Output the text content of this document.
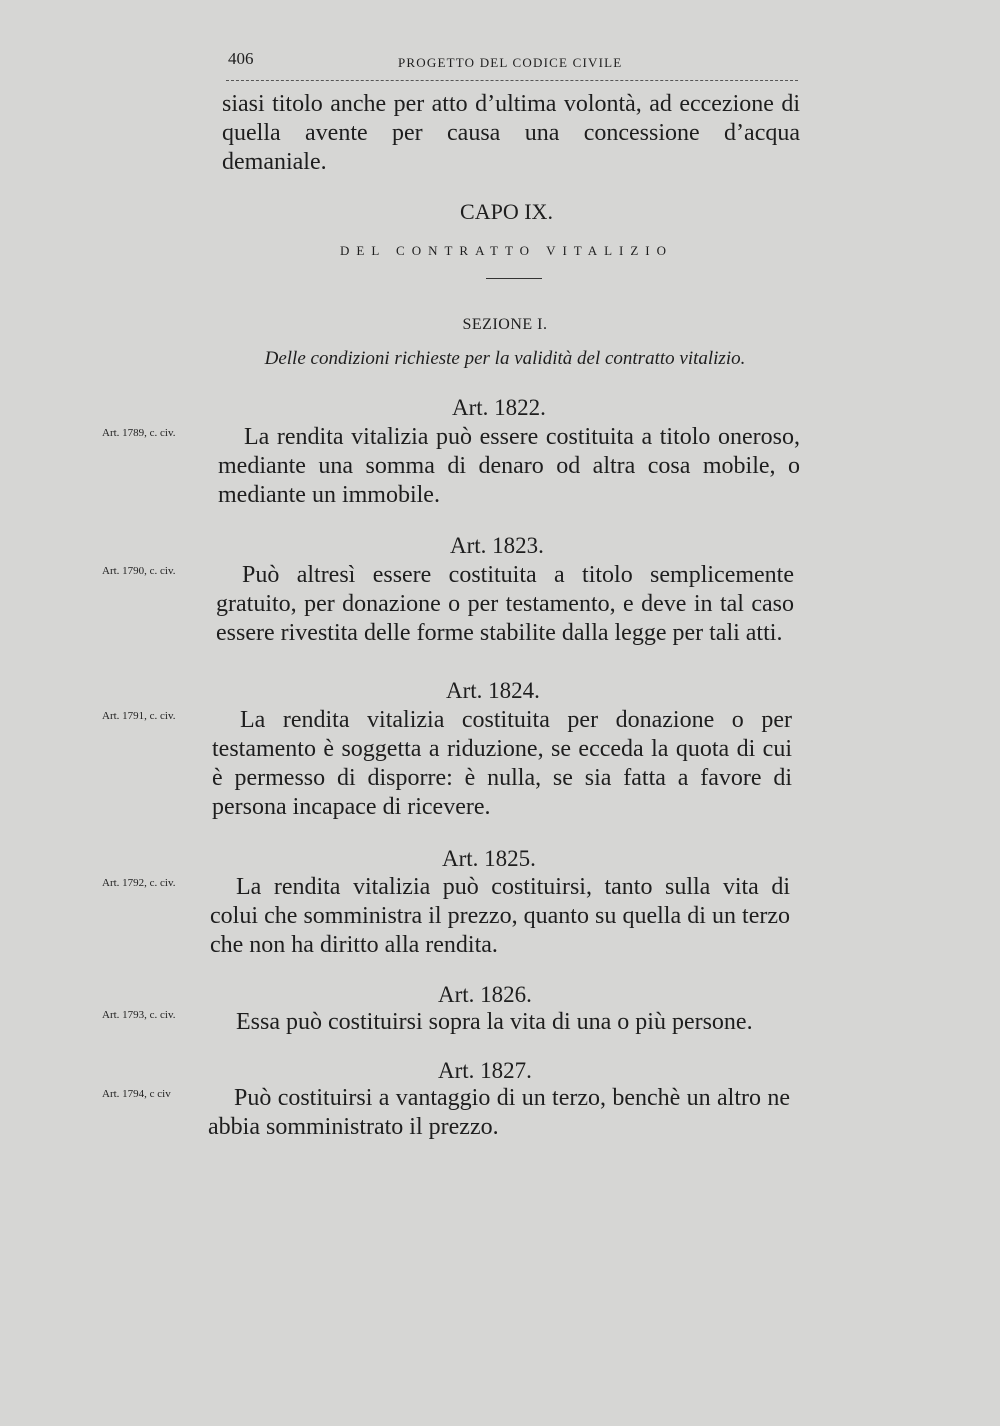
406	PROGETTO DEL CODICE CIVILE
siasi titolo anche per atto d’ultima volontà, ad eccezione di quella avente per causa una concessione d’acqua demaniale.
CAPO IX.
DEL CONTRATTO VITALIZIO
SEZIONE I.
Delle condizioni richieste per la validità del contratto vitalizio.
Art. 1822.
Art. 1789, c. civ.	La rendita vitalizia può essere costituita a titolo oneroso, mediante una somma di denaro od altra cosa mobile, o mediante un immobile.
Art. 1823.
Art. 1790, c. civ.	Può altresì essere costituita a titolo semplicemente gratuito, per donazione o per testamento, e deve in tal caso essere rivestita delle forme stabilite dalla legge per tali atti.
Art. 1824.
Art. 1791, c. civ.	La rendita vitalizia costituita per donazione o per testamento è soggetta a riduzione, se ecceda la quota di cui è permesso di disporre: è nulla, se sia fatta a favore di persona incapace di ricevere.
Art. 1825.
Art. 1792, c. civ.	La rendita vitalizia può costituirsi, tanto sulla vita di colui che somministra il prezzo, quanto su quella di un terzo che non ha diritto alla rendita.
Art. 1826.
Art. 1793, c. civ.	Essa può costituirsi sopra la vita di una o più persone.
Art. 1827.
Art. 1794, c civ	Può costituirsi a vantaggio di un terzo, benchè un altro ne abbia somministrato il prezzo.
